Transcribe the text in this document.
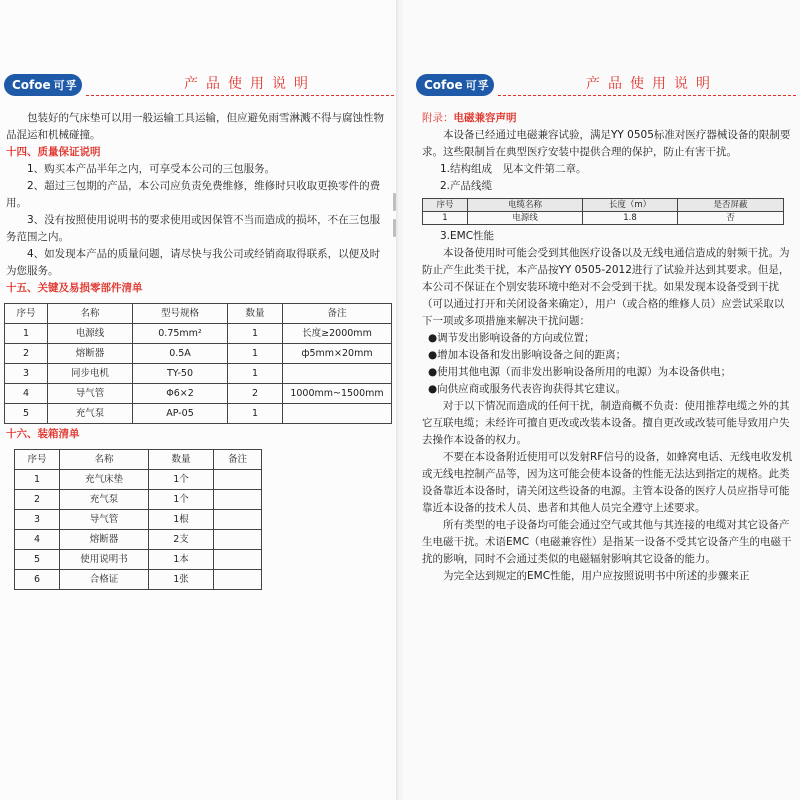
Cofoe 可孚	产品使用说明

包装好的气床垫可以用一般运输工具运输，但应避免雨雪淋溅不得与腐蚀性物品混运和机械碰撞。

十四、质量保证说明

1、购买本产品半年之内，可享受本公司的三包服务。

2、超过三包期的产品，本公司应负责免费维修，维修时只收取更换零件的费用。

3、没有按照使用说明书的要求使用或因保管不当而造成的损坏，不在三包服务范围之内。

4、如发现本产品的质量问题，请尽快与我公司或经销商取得联系，以便及时为您服务。

十五、关键及易损零部件清单

序号	名称	型号规格	数量	备注
1	电源线	0.75mm²	1	长度≥2000mm
2	熔断器	0.5A	1	ф5mm×20mm
3	同步电机	TY-50	1	
4	导气管	Φ6×2	2	1000mm~1500mm
5	充气泵	AP-05	1	

十六、装箱清单

序号	名称	数量	备注
1	充气床垫	1个	
2	充气泵	1个	
3	导气管	1根	
4	熔断器	2支	
5	使用说明书	1本	
6	合格证	1张	
Cofoe 可孚	产品使用说明

附录：电磁兼容声明

本设备已经通过电磁兼容试验，满足YY 0505标准对医疗器械设备的限制要求。这些限制旨在典型医疗安装中提供合理的保护，防止有害干扰。

1.结构组成　见本文件第二章。

2.产品线缆

序号	电缆名称	长度（m）	是否屏蔽
1	电源线	1.8	否

3.EMC性能

本设备使用时可能会受到其他医疗设备以及无线电通信造成的射频干扰。为防止产生此类干扰，本产品按YY 0505-2012进行了试验并达到其要求。但是，本公司不保证在个别安装环境中绝对不会受到干扰。如果发现本设备受到干扰（可以通过打开和关闭设备来确定），用户（或合格的维修人员）应尝试采取以下一项或多项措施来解决干扰问题：

●调节发出影响设备的方向或位置；

●增加本设备和发出影响设备之间的距离；

●使用其他电源（而非发出影响设备所用的电源）为本设备供电；

●向供应商或服务代表咨询获得其它建议。

对于以下情况而造成的任何干扰，制造商概不负责：使用推荐电缆之外的其它互联电缆；未经许可擅自更改或改装本设备。擅自更改或改装可能导致用户失去操作本设备的权力。

不要在本设备附近使用可以发射RF信号的设备，如蜂窝电话、无线电收发机或无线电控制产品等，因为这可能会使本设备的性能无法达到指定的规格。此类设备靠近本设备时，请关闭这些设备的电源。主管本设备的医疗人员应指导可能靠近本设备的技术人员、患者和其他人员完全遵守上述要求。

所有类型的电子设备均可能会通过空气或其他与其连接的电缆对其它设备产生电磁干扰。术语EMC（电磁兼容性）是指某一设备不受其它设备产生的电磁干扰的影响，同时不会通过类似的电磁辐射影响其它设备的能力。

为完全达到规定的EMC性能，用户应按照说明书中所述的步骤来正
